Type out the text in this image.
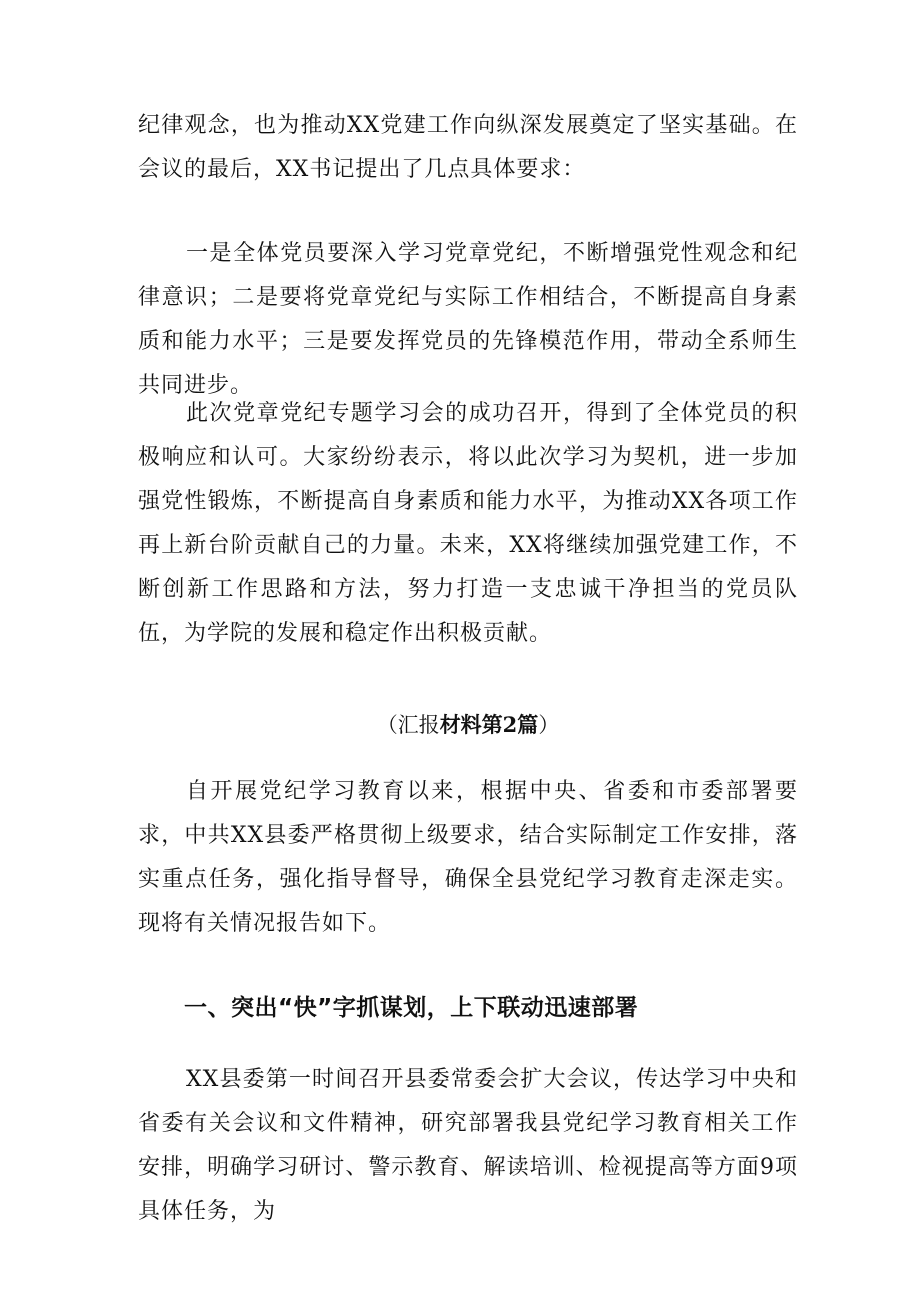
纪律观念，也为推动XX党建工作向纵深发展奠定了坚实基础。在会议的最后，XX书记提出了几点具体要求：

一是全体党员要深入学习党章党纪，不断增强党性观念和纪律意识；二是要将党章党纪与实际工作相结合，不断提高自身素质和能力水平；三是要发挥党员的先锋模范作用，带动全系师生共同进步。

此次党章党纪专题学习会的成功召开，得到了全体党员的积极响应和认可。大家纷纷表示，将以此次学习为契机，进一步加强党性锻炼，不断提高自身素质和能力水平，为推动XX各项工作再上新台阶贡献自己的力量。未来，XX将继续加强党建工作，不断创新工作思路和方法，努力打造一支忠诚干净担当的党员队伍，为学院的发展和稳定作出积极贡献。

（汇报材料第2篇）

自开展党纪学习教育以来，根据中央、省委和市委部署要求，中共XX县委严格贯彻上级要求，结合实际制定工作安排，落实重点任务，强化指导督导，确保全县党纪学习教育走深走实。现将有关情况报告如下。

一、突出“快”字抓谋划，上下联动迅速部署

XX县委第一时间召开县委常委会扩大会议，传达学习中央和省委有关会议和文件精神，研究部署我县党纪学习教育相关工作安排，明确学习研讨、警示教育、解读培训、检视提高等方面9项具体任务，为
